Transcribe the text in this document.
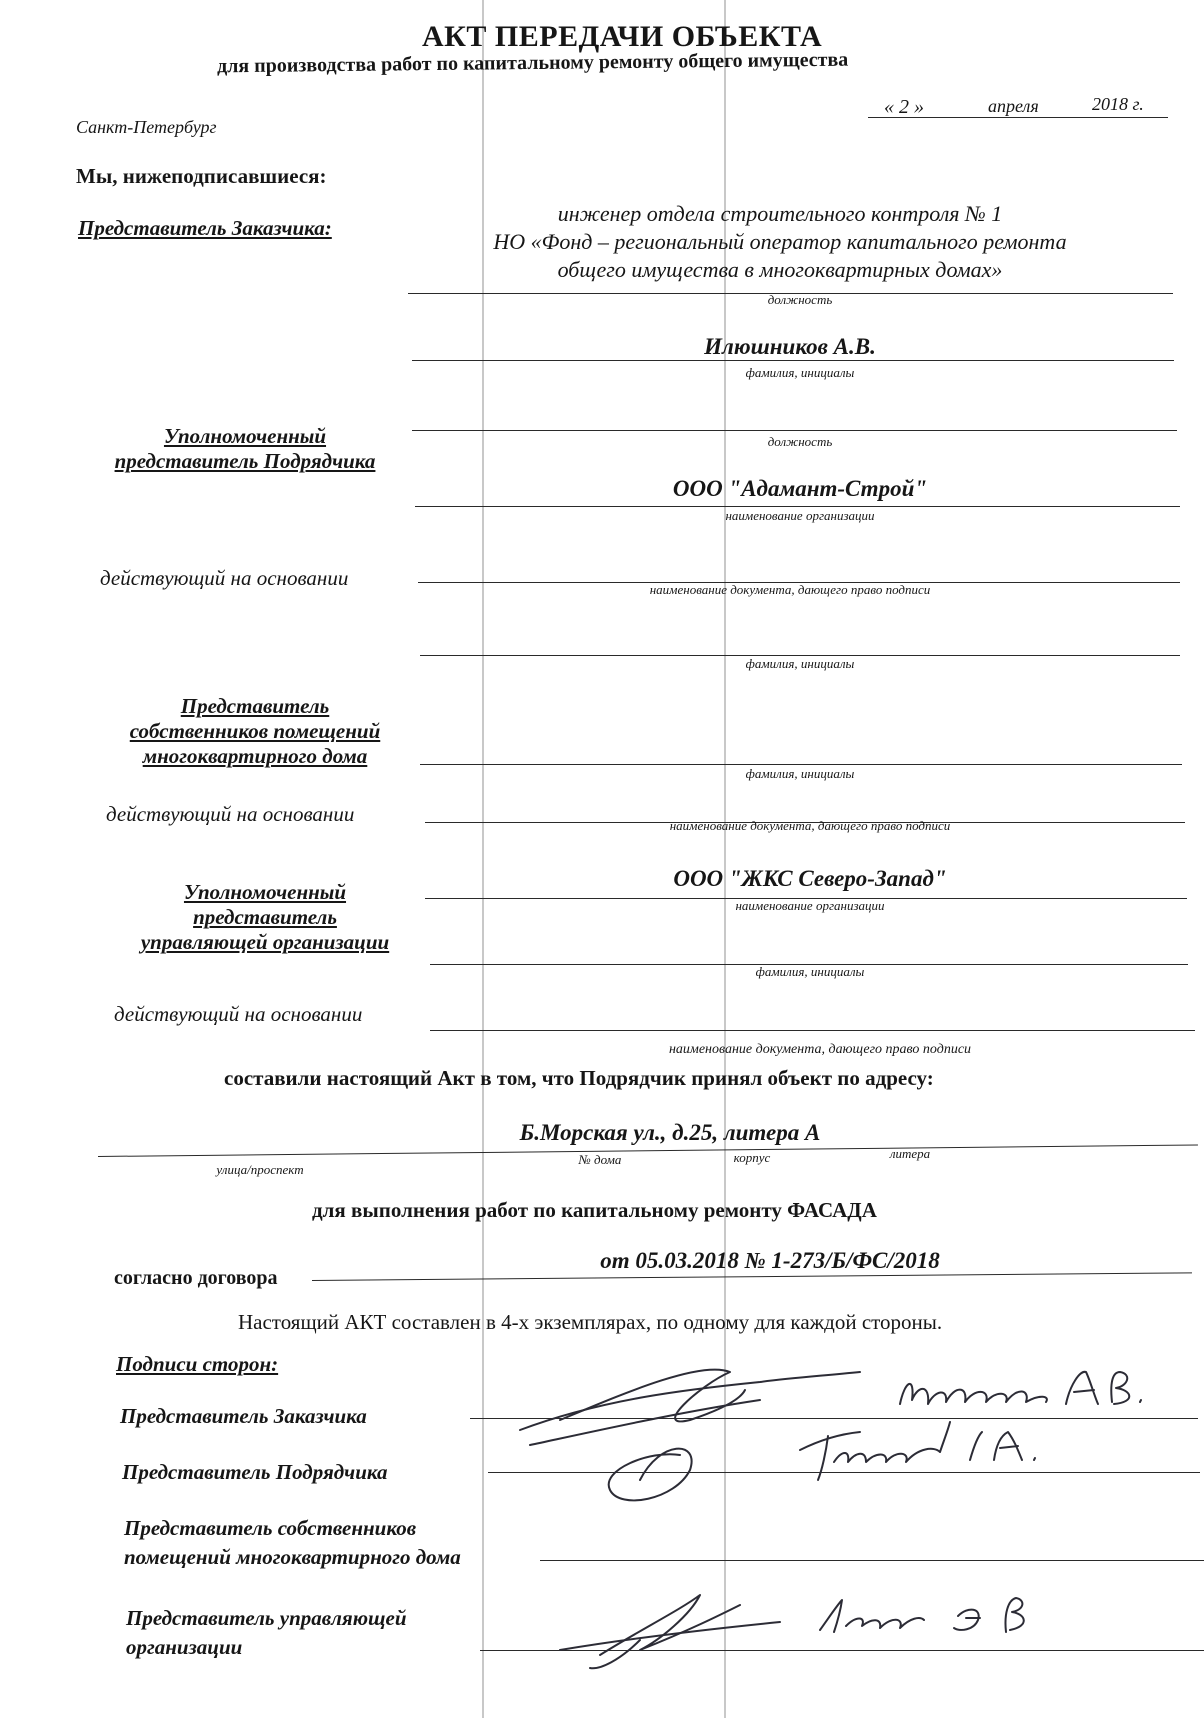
АКТ ПЕРЕДАЧИ ОБЪЕКТА
для производства работ по капитальному ремонту общего имущества
Санкт-Петербург
« 2 »	апреля	2018 г.
Мы, нижеподписавшиеся:
Представитель Заказчика:
инженер отдела строительного контроля № 1
НО «Фонд – региональный оператор капитального ремонта
общего имущества в многоквартирных домах»
должность
Илюшников А.В.
фамилия, инициалы
Уполномоченный
представитель Подрядчика
должность
ООО "Адамант-Строй"
наименование организации
действующий на основании	наименование документа, дающего право подписи
фамилия, инициалы
Представитель
собственников помещений
многоквартирного дома
фамилия, инициалы
действующий на основании	наименование документа, дающего право подписи
Уполномоченный
представитель
управляющей организации
ООО "ЖКС Северо-Запад"
наименование организации
фамилия, инициалы
действующий на основании
наименование документа, дающего право подписи
составили настоящий Акт в том, что Подрядчик принял объект по адресу:
Б.Морская ул., д.25, литера А
улица/проспект
№ дома	корпус	литера
для выполнения работ по капитальному ремонту ФАСАДА
согласно договора
от 05.03.2018 № 1-273/Б/ФС/2018
Настоящий АКТ составлен в 4-х экземплярах, по одному для каждой стороны.
Подписи сторон:
Представитель Заказчика
Представитель Подрядчика
Представитель собственников
помещений многоквартирного дома
Представитель управляющей
организации
